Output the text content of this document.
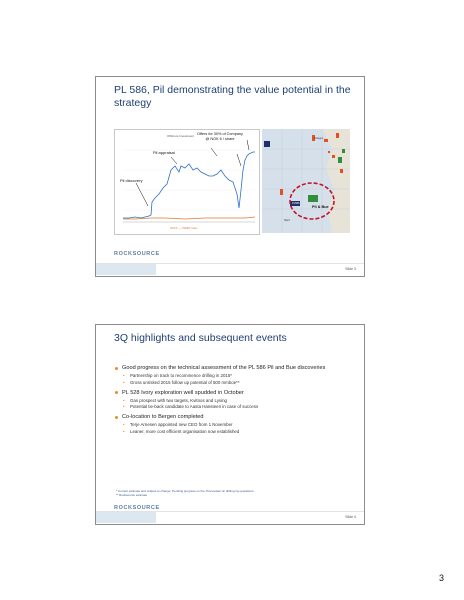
PL 586, Pil demonstrating the value potential in the strategy
·
Offshore Investment Offers for 30% of Company
@ NOK 6 / share
Pil discovery
Pil appraisal
ROCK — OSEBX Index
Pil & Bue
PL586
Draugen
Njord
ROCKSOURCE
Slide 3
3Q highlights and subsequent events
Good progress on the technical assessment of the PL 586 Pil and Bue discoveries
• Partnership on track to recommence drilling in 2015*
• Gross unrisked 2015 follow up potential of 500 mmboe**
PL 528 Ivory exploration well spudded in October
• Gas prospect with two targets, Kvitnos and Lysing
• Potential tie-back candidate to Aasta Hansteen in case of success
Co-location to Bergen completed
• Terje Arnesen appointed new CEO from 1 November
• Leaner, more cost efficient organisation now established
* Current estimate and subject to change. Pending progress on the Thorvausen lic drilling rig operations.
** Rocksource estimate
ROCKSOURCE
Slide 4
3
